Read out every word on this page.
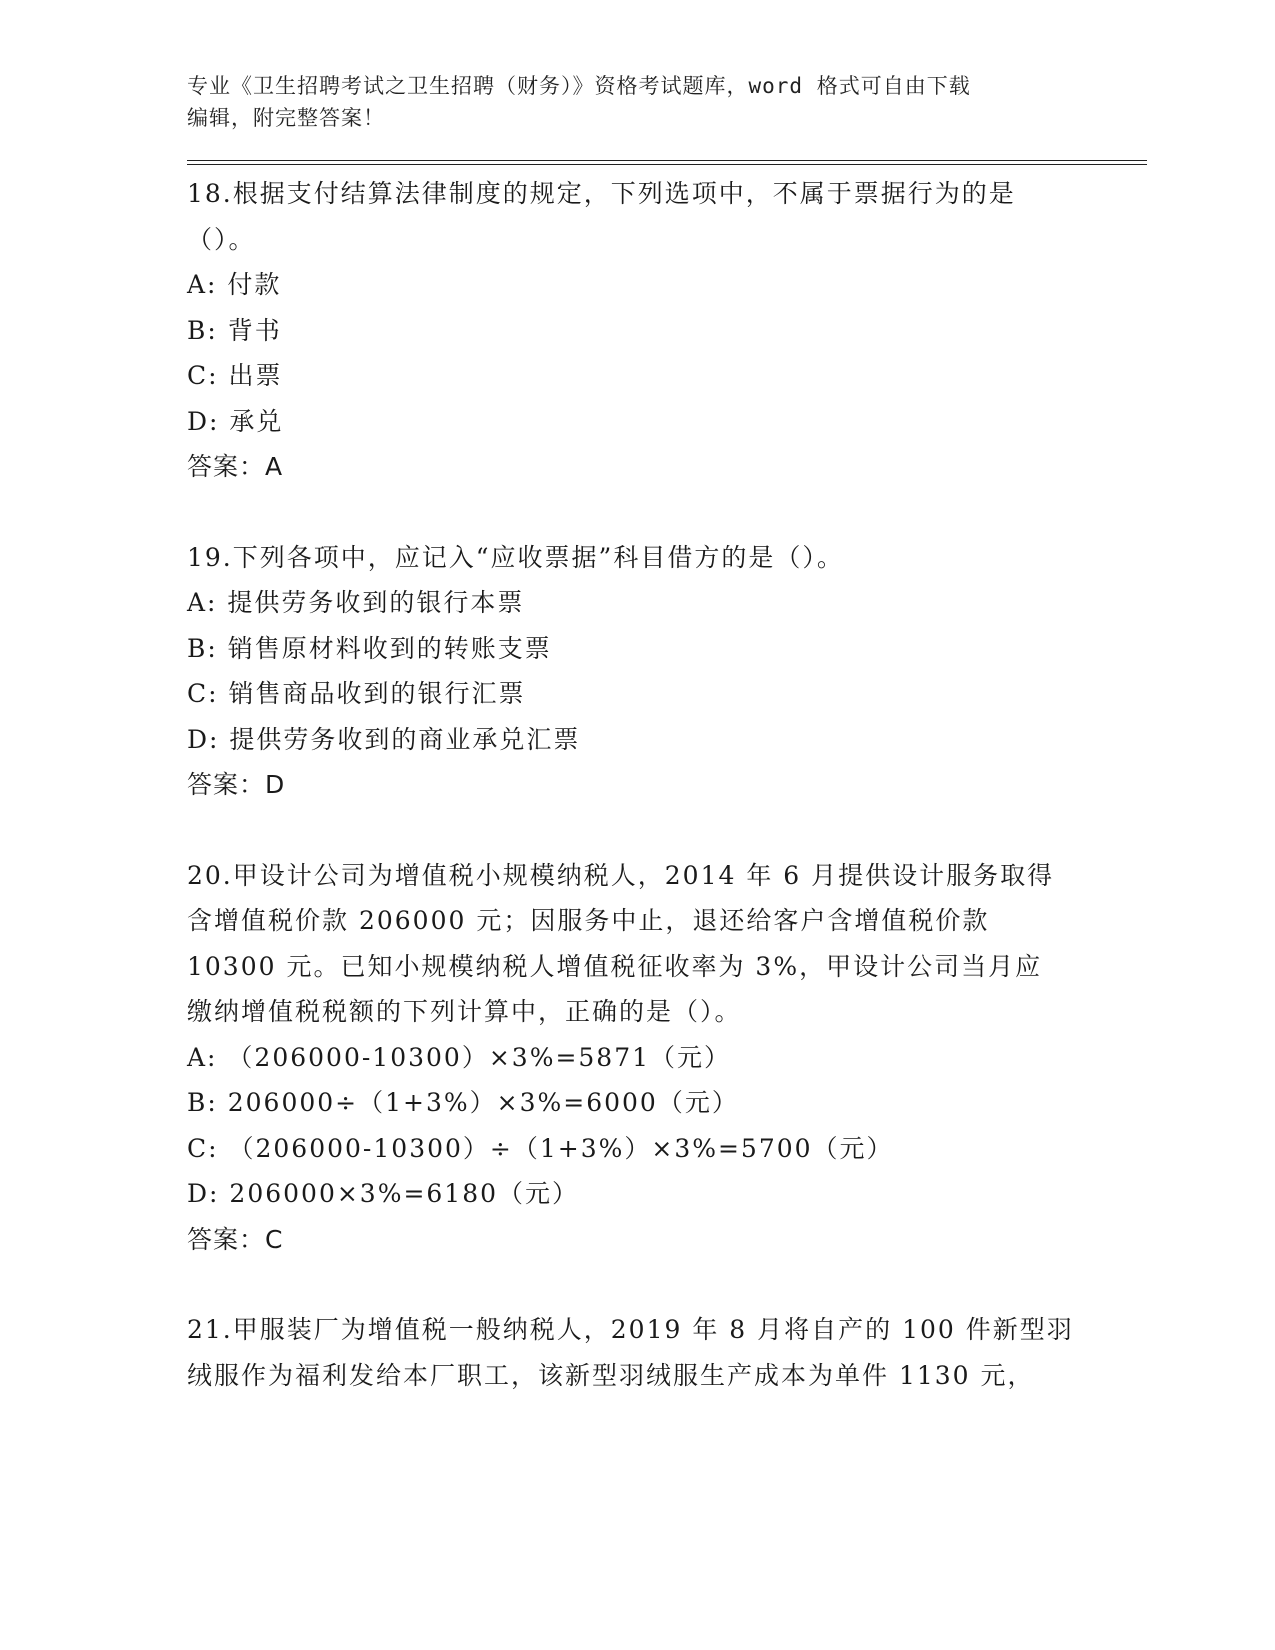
专业《卫生招聘考试之卫生招聘（财务）》资格考试题库，word 格式可自由下载
编辑，附完整答案！
18.根据支付结算法律制度的规定，下列选项中，不属于票据行为的是
（）。
A: 付款
B: 背书
C: 出票
D: 承兑
答案：A
19.下列各项中，应记入“应收票据”科目借方的是（）。
A: 提供劳务收到的银行本票
B: 销售原材料收到的转账支票
C: 销售商品收到的银行汇票
D: 提供劳务收到的商业承兑汇票
答案：D
20.甲设计公司为增值税小规模纳税人，2014 年 6 月提供设计服务取得
含增值税价款 206000 元；因服务中止，退还给客户含增值税价款
10300 元。已知小规模纳税人增值税征收率为 3%，甲设计公司当月应
缴纳增值税税额的下列计算中，正确的是（）。
A: （206000-10300）×3%=5871（元）
B: 206000÷（1+3%）×3%=6000（元）
C: （206000-10300）÷（1+3%）×3%=5700（元）
D: 206000×3%=6180（元）
答案：C
21.甲服装厂为增值税一般纳税人，2019 年 8 月将自产的 100 件新型羽
绒服作为福利发给本厂职工，该新型羽绒服生产成本为单件 1130 元，
